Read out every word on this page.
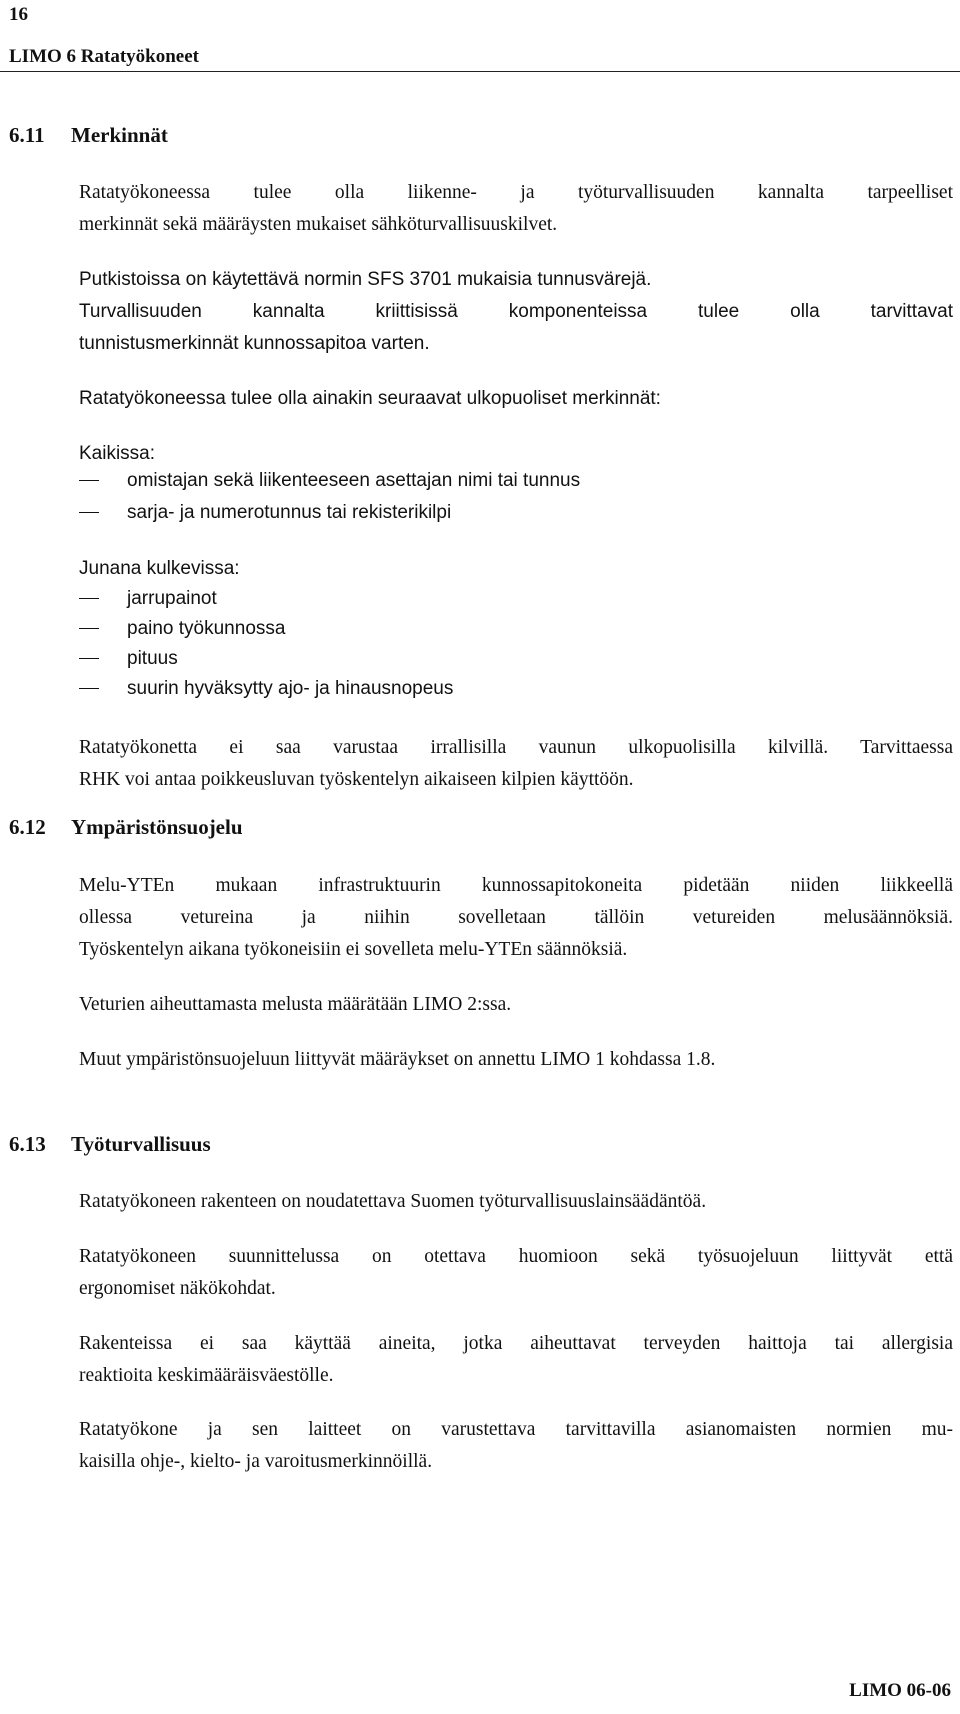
16
LIMO 6 Ratatyökoneet
6.11 Merkinnät

Ratatyökoneessa tulee olla liikenne- ja työturvallisuuden kannalta tarpeelliset

merkinnät sekä määräysten mukaiset sähköturvallisuuskilvet.

Putkistoissa on käytettävä normin SFS 3701 mukaisia tunnusvärejä.

Turvallisuuden kannalta kriittisissä komponenteissa tulee olla tarvittavat

tunnistusmerkinnät kunnossapitoa varten.

Ratatyökoneessa tulee olla ainakin seuraavat ulkopuoliset merkinnät:

Kaikissa:

omistajan sekä liikenteeseen asettajan nimi tai tunnus
sarja- ja numerotunnus tai rekisterikilpi

Junana kulkevissa:

jarrupainot
paino työkunnossa
pituus
suurin hyväksytty ajo- ja hinausnopeus

Ratatyökonetta ei saa varustaa irrallisilla vaunun ulkopuolisilla kilvillä. Tarvittaessa

RHK voi antaa poikkeusluvan työskentelyn aikaiseen kilpien käyttöön.

6.12 Ympäristönsuojelu

Melu-YTEn mukaan infrastruktuurin kunnossapitokoneita pidetään niiden liikkeellä

ollessa vetureina ja niihin sovelletaan tällöin vetureiden melusäännöksiä.

Työskentelyn aikana työkoneisiin ei sovelleta melu-YTEn säännöksiä.

Veturien aiheuttamasta melusta määrätään LIMO 2:ssa.

Muut ympäristönsuojeluun liittyvät määräykset on annettu LIMO 1 kohdassa 1.8.

6.13 Työturvallisuus

Ratatyökoneen rakenteen on noudatettava Suomen työturvallisuuslainsäädäntöä.

Ratatyökoneen suunnittelussa on otettava huomioon sekä työsuojeluun liittyvät että

ergonomiset näkökohdat.

Rakenteissa ei saa käyttää aineita, jotka aiheuttavat terveyden haittoja tai allergisia

reaktioita keskimääräisväestölle.

Ratatyökone ja sen laitteet on varustettava tarvittavilla asianomaisten normien mu-

kaisilla ohje-, kielto- ja varoitusmerkinnöillä.

LIMO 06-06
